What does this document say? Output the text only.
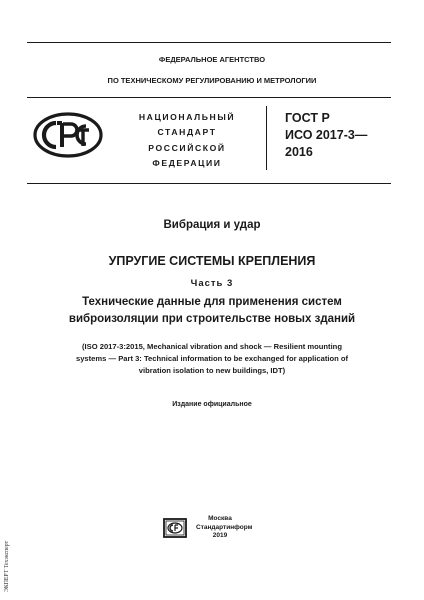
ФЕДЕРАЛЬНОЕ АГЕНТСТВО
ПО ТЕХНИЧЕСКОМУ РЕГУЛИРОВАНИЮ И МЕТРОЛОГИИ
НАЦИОНАЛЬНЫЙ
СТАНДАРТ
РОССИЙСКОЙ
ФЕДЕРАЦИИ
ГОСТ Р
ИСО 2017-3—
2016
Вибрация и удар
УПРУГИЕ СИСТЕМЫ КРЕПЛЕНИЯ
Часть 3
Технические данные для применения систем
виброизоляции при строительстве новых зданий
(ISO 2017-3:2015, Mechanical vibration and shock — Resilient mounting
systems — Part 3: Technical information to be exchanged for application of
vibration isolation to new buildings, IDT)
Издание официальное
Москва
Стандартинформ
2019
ЭКПЕРТ Техэксперт
